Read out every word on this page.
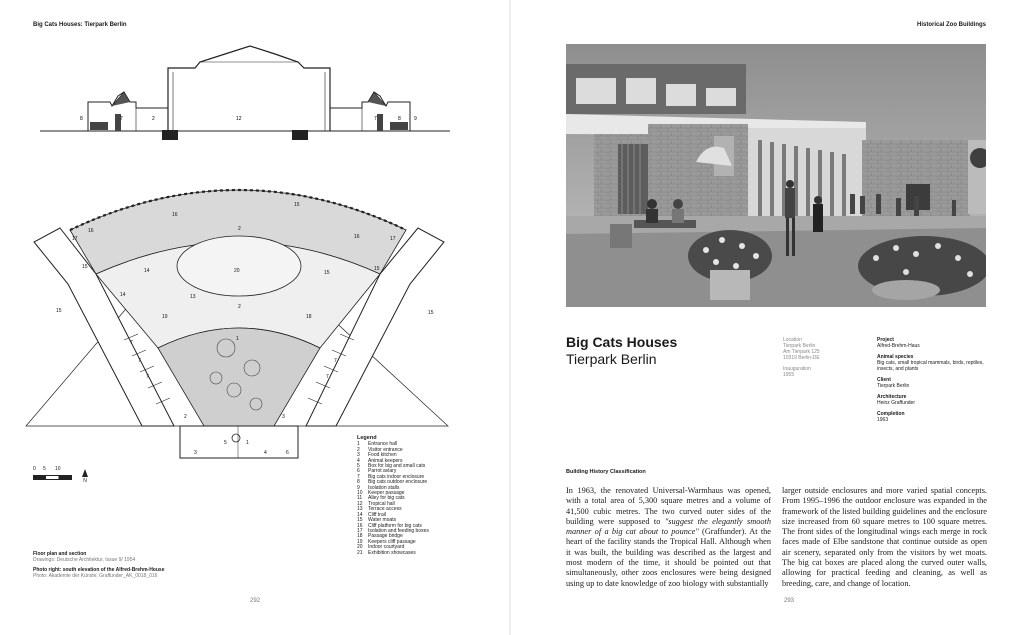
Big Cats Houses: Tierpark Berlin
8	7	2	12	7	8	9
17
16
15
14
16
15
15
17
15
16
15
15
2
20
1
5	1
3	4
2	3
6
7
7
7
7
7
2
13
19	18
14
0 5 10
N
Legend
1 Entrance hall
2 Visitor entrance
3 Food kitchen
4 Animal keepers
5 Box for big and small cats
6 Parrot aviary
7 Big cats indoor enclosure
8 Big cats outdoor enclosure
9 Isolation stalls
10 Keeper passage
11 Alley for big cats
12 Tropical hall
13 Terrace access
14 Cliff trail
15 Water moats
16 Cliff platform for big cats
17 Isolation and feeding boxes
18 Passage bridge
19 Keepers cliff passage
20 Indoor courtyard
21 Exhibition showcases
Floor plan and section
Drawings: Deutsche Architektur, Issue 9/ 1954
Photo right: south elevation of the Alfred-Brehm-House
Photo: Akademie der Künste, Graffunder_AK_0018_016
292
Historical Zoo Buildings
Big Cats Houses
Tierpark Berlin
Location
Tierpark Berlin
Am Tierpark 125
10319 Berlin-DE
Inauguration
1955
Project
Alfred-Brehm-Haus
Animal species
Big cats, small tropical mammals, birds, reptiles, insects, and plants
Client
Tierpark Berlin
Architecture
Heinz Graffunder
Completion
1963
Building History Classification
In 1963, the renovated Universal-Warmhaus was opened, with a total area of 5,300 square metres and a volume of 41,500 cubic metres. The two curved outer sides of the building were supposed to "suggest the elegantly smooth manner of a big cat about to pounce" (Graffunder). At the heart of the facility stands the Tropical Hall. Although when it was built, the building was described as the largest and most modern of the time, it should be pointed out that simultaneously, other zoos enclosures were being designed using up to date knowledge of zoo biology with substantially
larger outside enclosures and more varied spatial concepts. From 1995–1996 the outdoor enclosure was expanded in the framework of the listed building guidelines and the enclosure size increased from 60 square metres to 100 square metres. The front sides of the longitudinal wings each merge in rock faces made of Elbe sandstone that continue outside as open air scenery, separated only from the visitors by wet moats. The big cat boxes are placed along the curved outer walls, allowing for practical feeding and cleaning, as well as breeding, care, and change of location.
293
